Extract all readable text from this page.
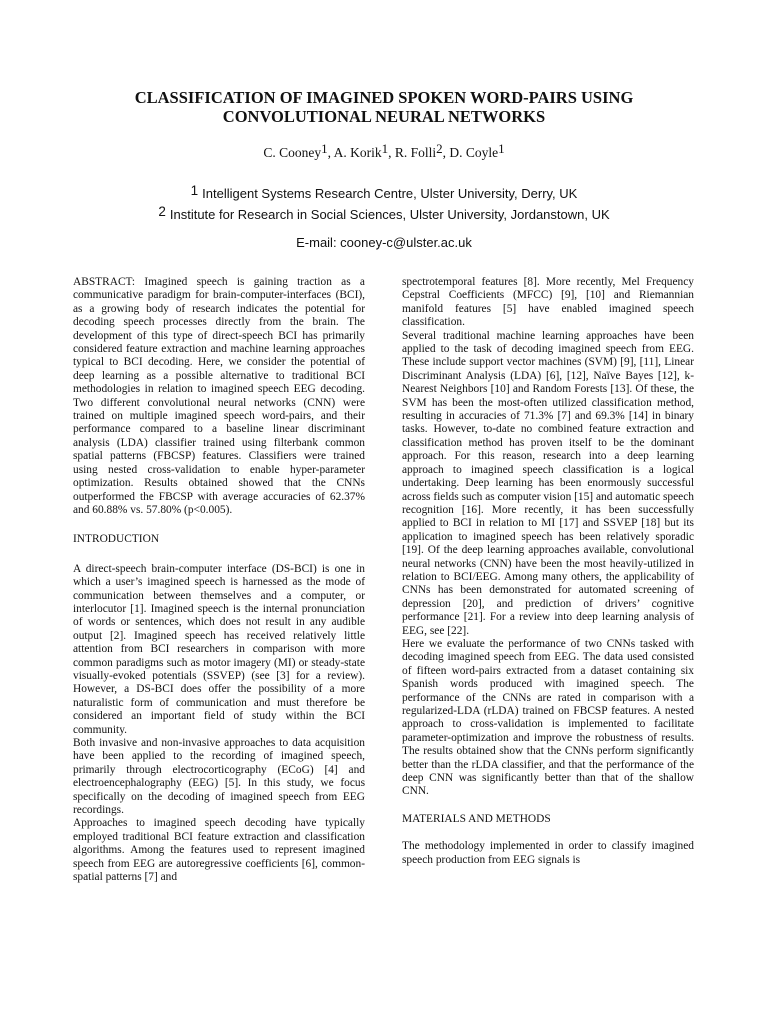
CLASSIFICATION OF IMAGINED SPOKEN WORD-PAIRS USING
CONVOLUTIONAL NEURAL NETWORKS
C. Cooney$^1$, A. Korik$^1$, R. Folli$^2$, D. Coyle$^1$
1 Intelligent Systems Research Centre, Ulster University, Derry, UK
2 Institute for Research in Social Sciences, Ulster University, Jordanstown, UK
E-mail: cooney-c@ulster.ac.uk

ABSTRACT: Imagined speech is gaining traction as a communicative paradigm for brain-computer-interfaces (BCI), as a growing body of research indicates the potential for decoding speech processes directly from the brain. The development of this type of direct-speech BCI has primarily considered feature extraction and machine learning approaches typical to BCI decoding. Here, we consider the potential of deep learning as a possible alternative to traditional BCI methodologies in relation to imagined speech EEG decoding. Two different convolutional neural networks (CNN) were trained on multiple imagined speech word-pairs, and their performance compared to a baseline linear discriminant analysis (LDA) classifier trained using filterbank common spatial patterns (FBCSP) features. Classifiers were trained using nested cross-validation to enable hyper-parameter optimization. Results obtained showed that the CNNs outperformed the FBCSP with average accuracies of 62.37% and 60.88% vs. 57.80% (p<0.005).

INTRODUCTION

A direct-speech brain-computer interface (DS-BCI) is one in which a user’s imagined speech is harnessed as the mode of communication between themselves and a computer, or interlocutor [1]. Imagined speech is the internal pronunciation of words or sentences, which does not result in any audible output [2]. Imagined speech has received relatively little attention from BCI researchers in comparison with more common paradigms such as motor imagery (MI) or steady-state visually-evoked potentials (SSVEP) (see [3] for a review). However, a DS-BCI does offer the possibility of a more naturalistic form of communication and must therefore be considered an important field of study within the BCI community.

Both invasive and non-invasive approaches to data acquisition have been applied to the recording of imagined speech, primarily through electrocorticography (ECoG) [4] and electroencephalography (EEG) [5]. In this study, we focus specifically on the decoding of imagined speech from EEG recordings.

Approaches to imagined speech decoding have typically employed traditional BCI feature extraction and classification algorithms. Among the features used to represent imagined speech from EEG are autoregressive coefficients [6], common-spatial patterns [7] and

spectrotemporal features [8]. More recently, Mel Frequency Cepstral Coefficients (MFCC) [9], [10] and Riemannian manifold features [5] have enabled imagined speech classification.

Several traditional machine learning approaches have been applied to the task of decoding imagined speech from EEG. These include support vector machines (SVM) [9], [11], Linear Discriminant Analysis (LDA) [6], [12], Naïve Bayes [12], k-Nearest Neighbors [10] and Random Forests [13]. Of these, the SVM has been the most-often utilized classification method, resulting in accuracies of 71.3% [7] and 69.3% [14] in binary tasks. However, to-date no combined feature extraction and classification method has proven itself to be the dominant approach. For this reason, research into a deep learning approach to imagined speech classification is a logical undertaking. Deep learning has been enormously successful across fields such as computer vision [15] and automatic speech recognition [16]. More recently, it has been successfully applied to BCI in relation to MI [17] and SSVEP [18] but its application to imagined speech has been relatively sporadic [19]. Of the deep learning approaches available, convolutional neural networks (CNN) have been the most heavily-utilized in relation to BCI/EEG. Among many others, the applicability of CNNs has been demonstrated for automated screening of depression [20], and prediction of drivers’ cognitive performance [21]. For a review into deep learning analysis of EEG, see [22].

Here we evaluate the performance of two CNNs tasked with decoding imagined speech from EEG. The data used consisted of fifteen word-pairs extracted from a dataset containing six Spanish words produced with imagined speech. The performance of the CNNs are rated in comparison with a regularized-LDA (rLDA) trained on FBCSP features. A nested approach to cross-validation is implemented to facilitate parameter-optimization and improve the robustness of results. The results obtained show that the CNNs perform significantly better than the rLDA classifier, and that the performance of the deep CNN was significantly better than that of the shallow CNN.

MATERIALS AND METHODS

The methodology implemented in order to classify imagined speech production from EEG signals is
